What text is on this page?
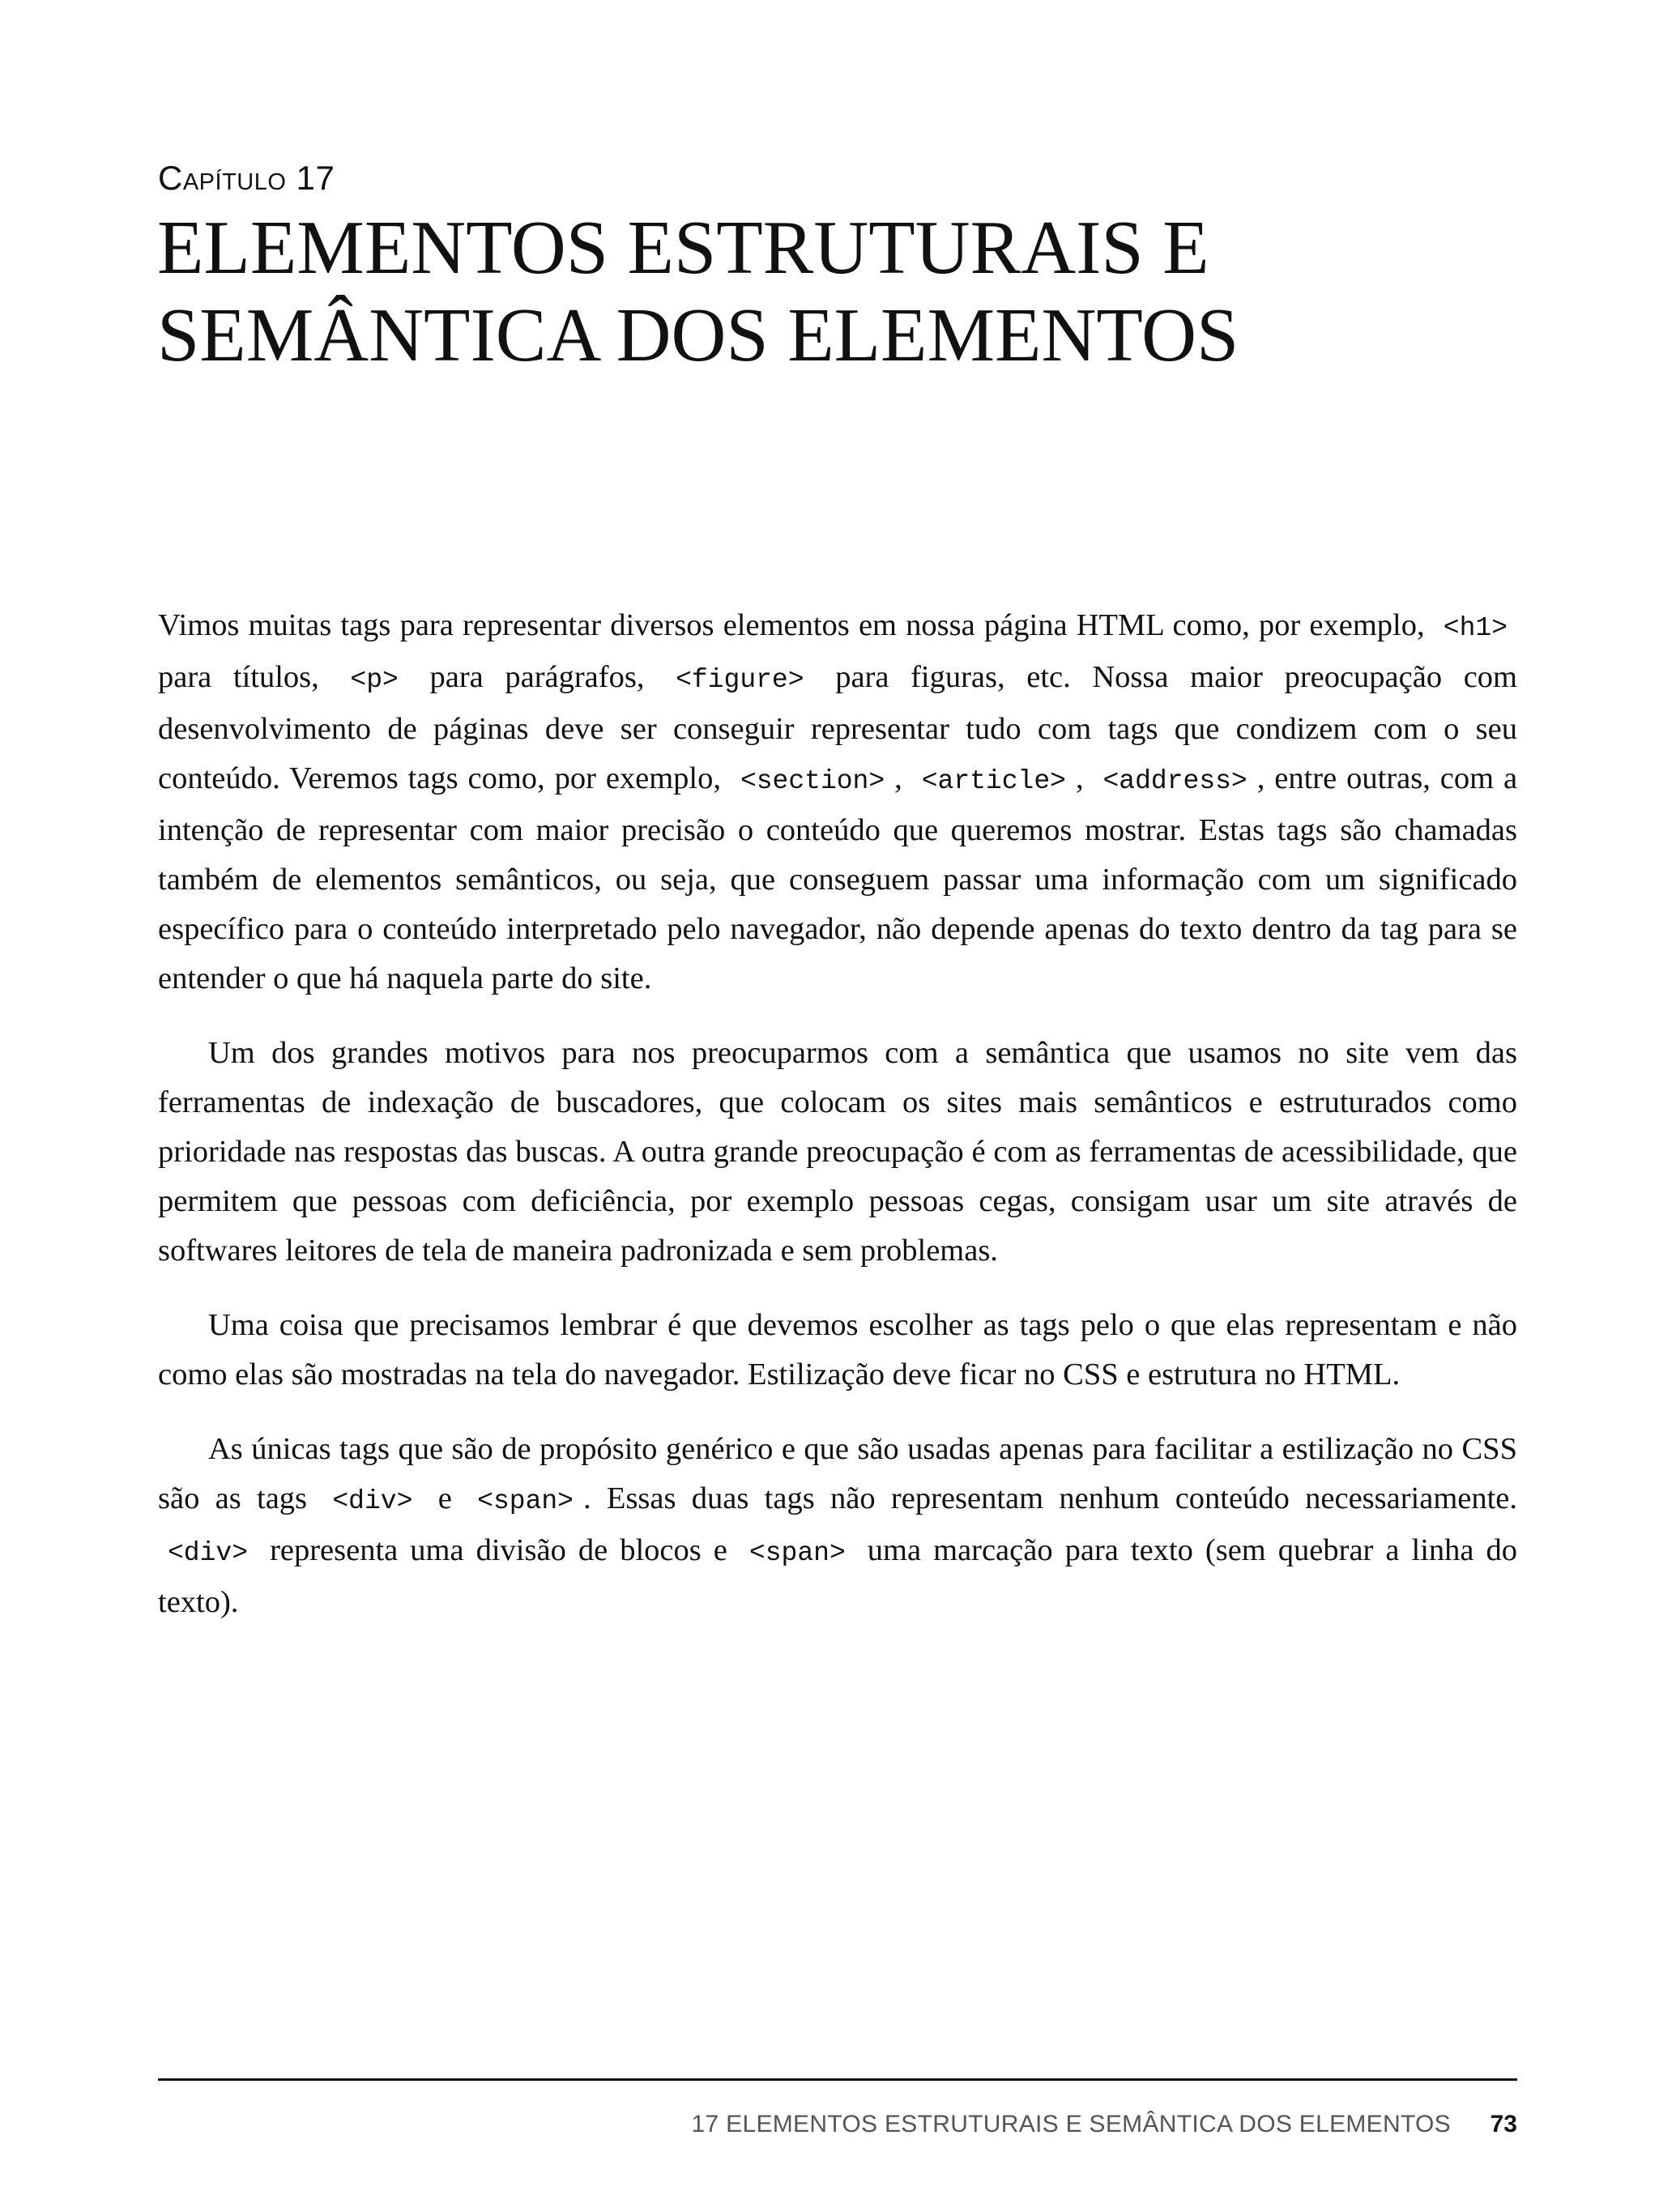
Capítulo 17
ELEMENTOS ESTRUTURAIS E
SEMÂNTICA DOS ELEMENTOS

Vimos muitas tags para representar diversos elementos em nossa página HTML como, por exemplo, <h1> para títulos, <p> para parágrafos, <figure> para figuras, etc. Nossa maior preocupação com desenvolvimento de páginas deve ser conseguir representar tudo com tags que condizem com o seu conteúdo. Veremos tags como, por exemplo, <section> , <article> , <address> , entre outras, com a intenção de representar com maior precisão o conteúdo que queremos mostrar. Estas tags são chamadas também de elementos semânticos, ou seja, que conseguem passar uma informação com um significado específico para o conteúdo interpretado pelo navegador, não depende apenas do texto dentro da tag para se entender o que há naquela parte do site.

Um dos grandes motivos para nos preocuparmos com a semântica que usamos no site vem das ferramentas de indexação de buscadores, que colocam os sites mais semânticos e estruturados como prioridade nas respostas das buscas. A outra grande preocupação é com as ferramentas de acessibilidade, que permitem que pessoas com deficiência, por exemplo pessoas cegas, consigam usar um site através de softwares leitores de tela de maneira padronizada e sem problemas.

Uma coisa que precisamos lembrar é que devemos escolher as tags pelo o que elas representam e não como elas são mostradas na tela do navegador. Estilização deve ficar no CSS e estrutura no HTML.

As únicas tags que são de propósito genérico e que são usadas apenas para facilitar a estilização no CSS são as tags <div> e <span> . Essas duas tags não representam nenhum conteúdo necessariamente. <div> representa uma divisão de blocos e <span> uma marcação para texto (sem quebrar a linha do texto).

17 ELEMENTOS ESTRUTURAIS E SEMÂNTICA DOS ELEMENTOS 73
